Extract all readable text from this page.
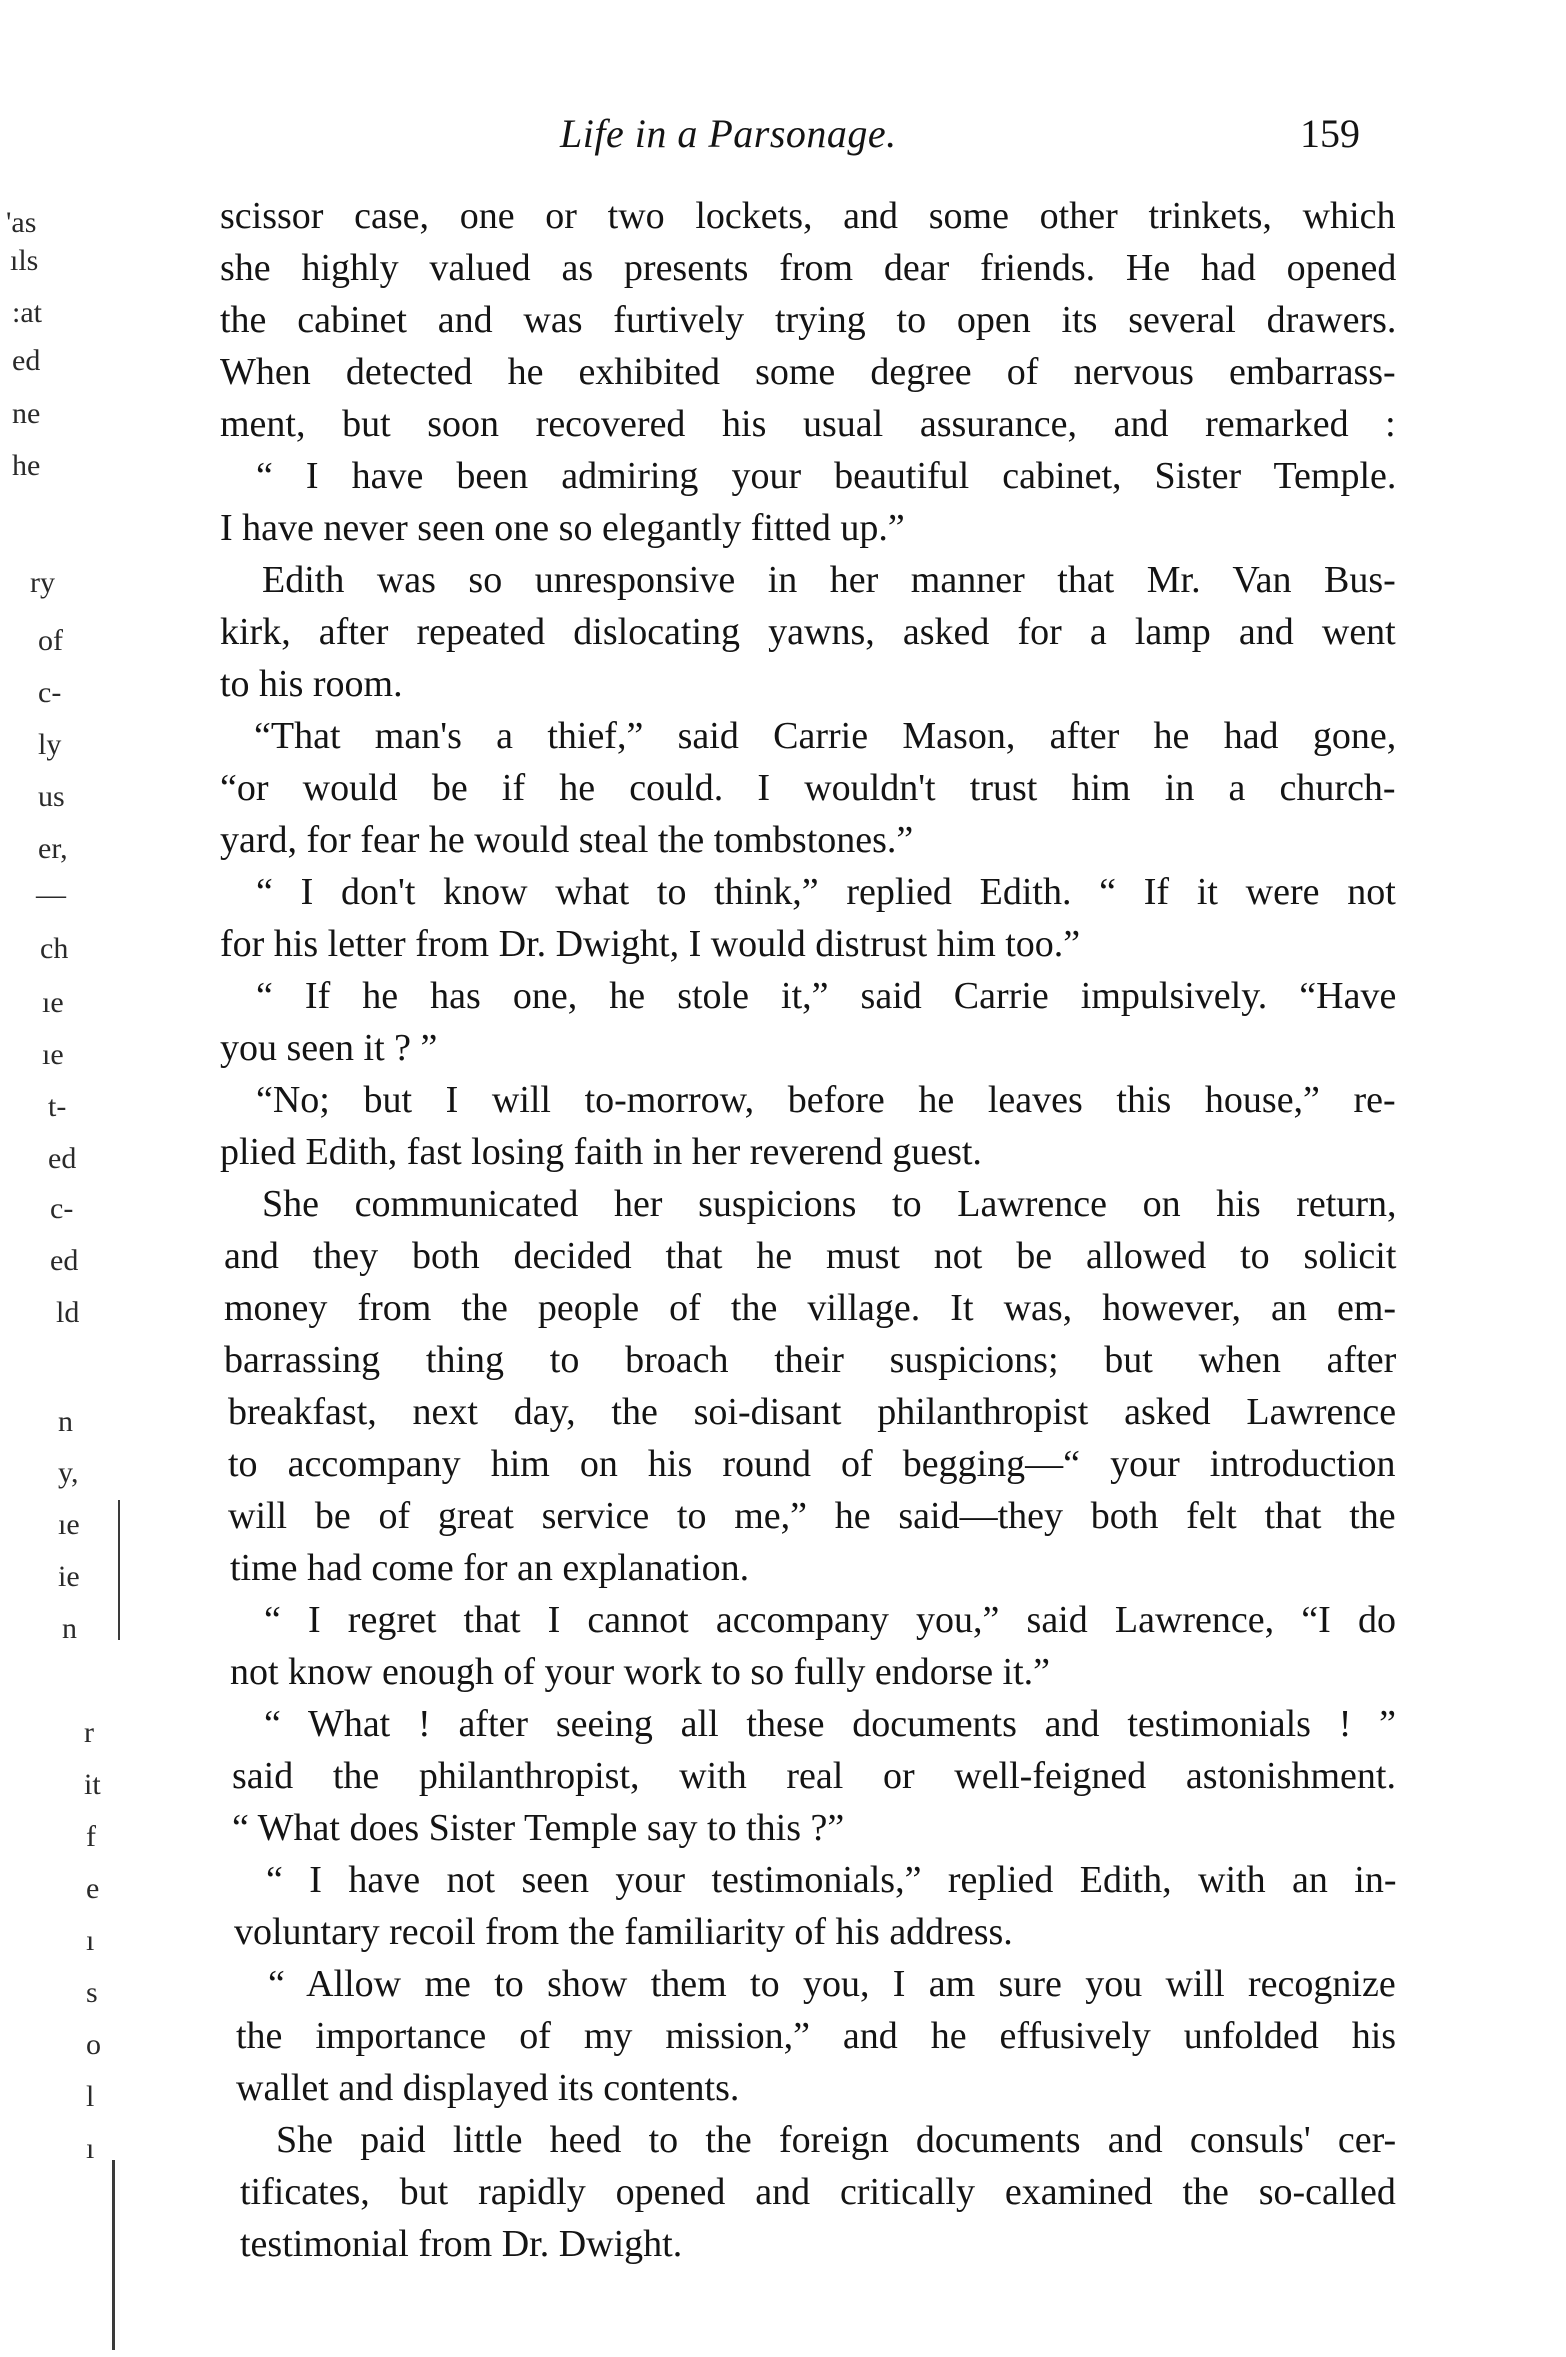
'as
ıls
:at
ed
ne
he
ry
of
c-
ly
us
er,
—
ch
ıe
ıe
t-
ed
c-
ed
ld
n
y,
ıe
ie
n
r
it
f
e
ı
s
o
l
ı
Life in a Parsonage.	159
scissor case, one or two lockets, and some other trinkets, which
she highly valued as presents from dear friends. He had opened
the cabinet and was furtively trying to open its several drawers.
When detected he exhibited some degree of nervous embarrass-
ment, but soon recovered his usual assurance, and remarked :
“ I have been admiring your beautiful cabinet, Sister Temple.
I have never seen one so elegantly fitted up.”
Edith was so unresponsive in her manner that Mr. Van Bus-
kirk, after repeated dislocating yawns, asked for a lamp and went
to his room.
“That man's a thief,” said Carrie Mason, after he had gone,
“or would be if he could. I wouldn't trust him in a church-
yard, for fear he would steal the tombstones.”
“ I don't know what to think,” replied Edith. “ If it were not
for his letter from Dr. Dwight, I would distrust him too.”
“ If he has one, he stole it,” said Carrie impulsively. “Have
you seen it ? ”
“No; but I will to-morrow, before he leaves this house,” re-
plied Edith, fast losing faith in her reverend guest.
She communicated her suspicions to Lawrence on his return,
and they both decided that he must not be allowed to solicit
money from the people of the village. It was, however, an em-
barrassing thing to broach their suspicions; but when after
breakfast, next day, the soi-disant philanthropist asked Lawrence
to accompany him on his round of begging—“ your introduction
will be of great service to me,” he said—they both felt that the
time had come for an explanation.
“ I regret that I cannot accompany you,” said Lawrence, “I do
not know enough of your work to so fully endorse it.”
“ What ! after seeing all these documents and testimonials ! ”
said the philanthropist, with real or well-feigned astonishment.
“ What does Sister Temple say to this ?”
“ I have not seen your testimonials,” replied Edith, with an in-
voluntary recoil from the familiarity of his address.
“ Allow me to show them to you, I am sure you will recognize
the importance of my mission,” and he effusively unfolded his
wallet and displayed its contents.
She paid little heed to the foreign documents and consuls' cer-
tificates, but rapidly opened and critically examined the so-called
testimonial from Dr. Dwight.
